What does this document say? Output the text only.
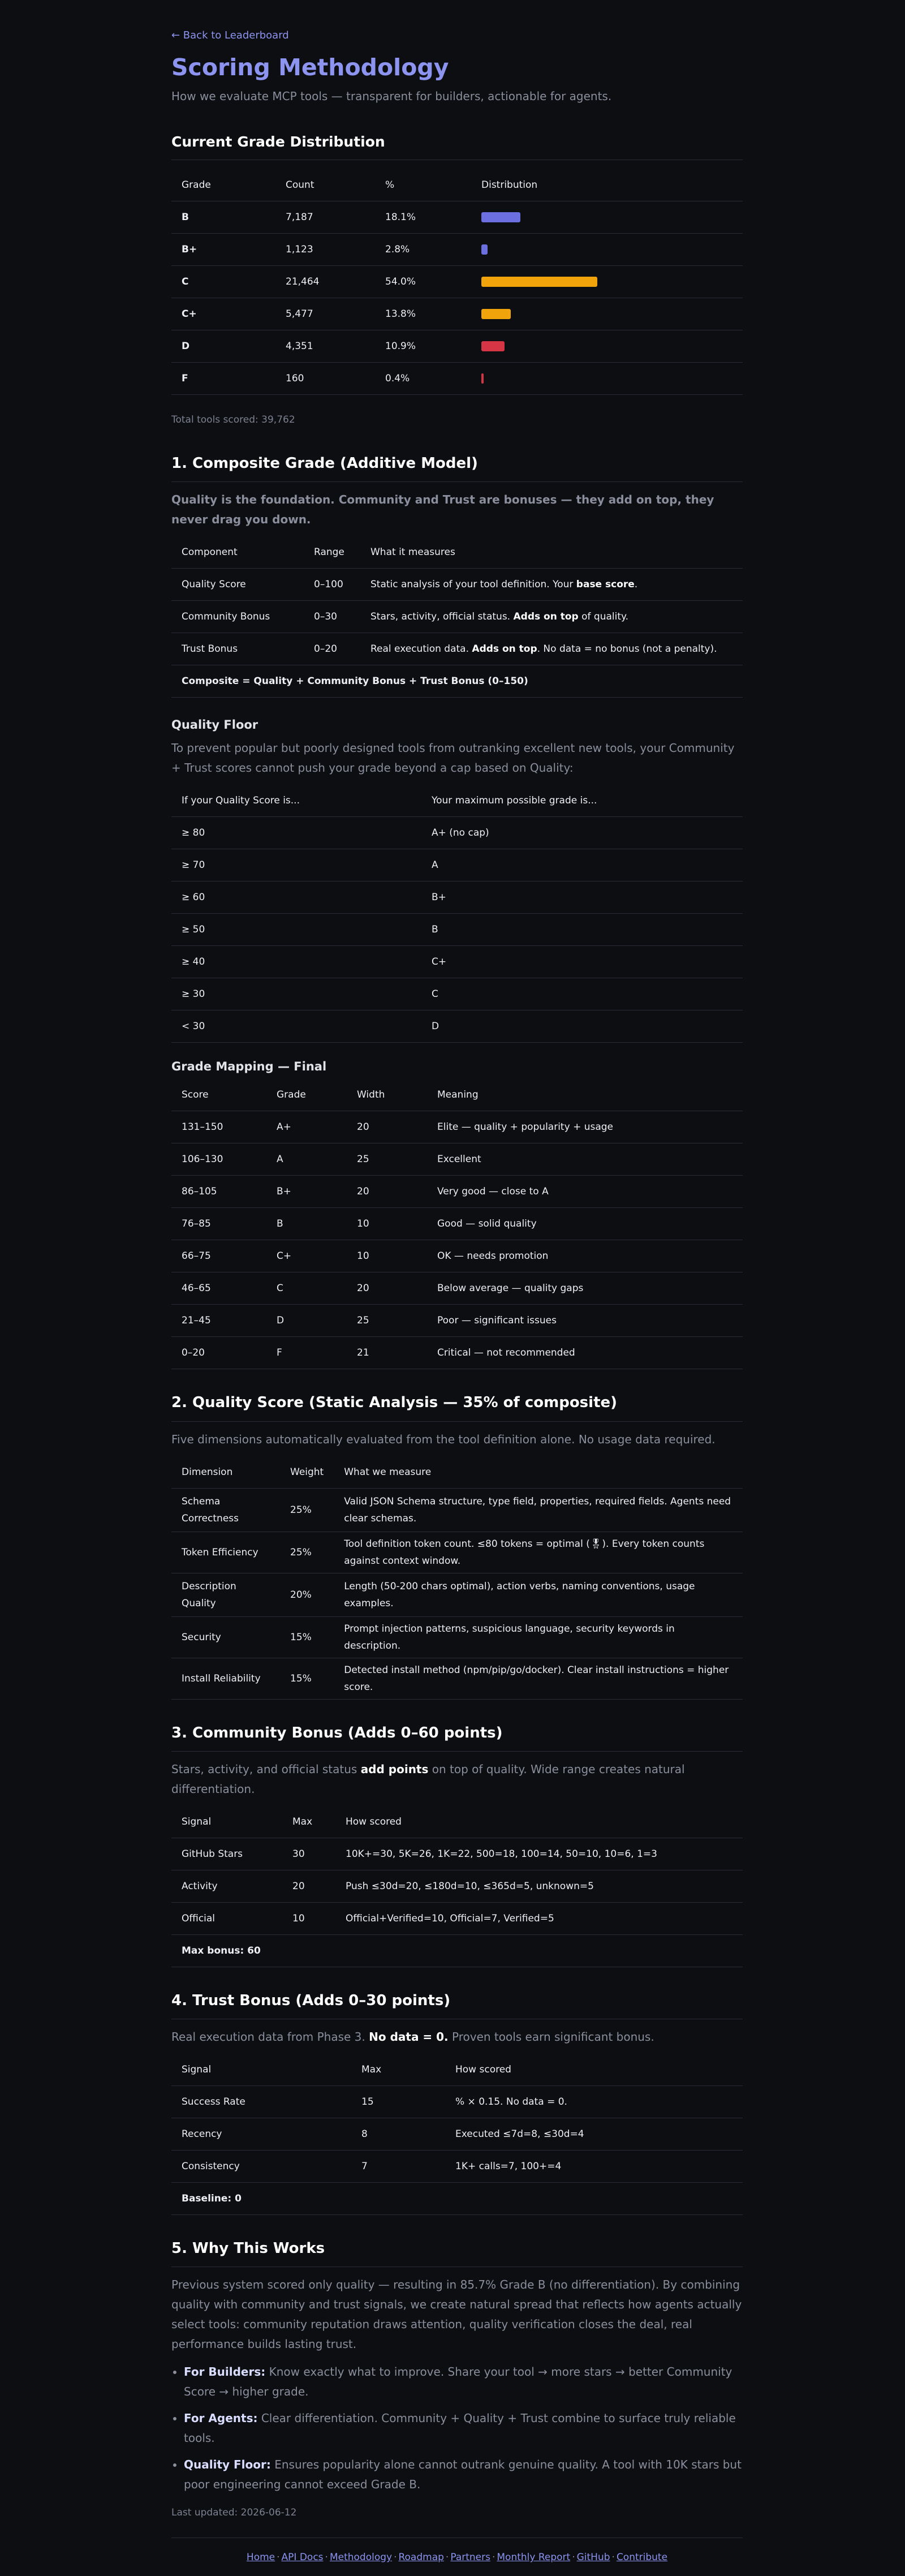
← Back to Leaderboard
Scoring Methodology
How we evaluate MCP tools — transparent for builders, actionable for agents.
Current Grade Distribution
Grade	Count	%	Distribution
B	7,187	18.1%	
B+	1,123	2.8%	
C	21,464	54.0%	
C+	5,477	13.8%	
D	4,351	10.9%	
F	160	0.4%	
Total tools scored: 39,762
1. Composite Grade (Additive Model)

Quality is the foundation. Community and Trust are bonuses — they add on top, they never drag you down.

Component	Range	What it measures
Quality Score	0–100	Static analysis of your tool definition. Your base score.
Community Bonus	0–30	Stars, activity, official status. Adds on top of quality.
Trust Bonus	0–20	Real execution data. Adds on top. No data = no bonus (not a penalty).
Composite = Quality + Community Bonus + Trust Bonus (0–150)		
Quality Floor

To prevent popular but poorly designed tools from outranking excellent new tools, your Community + Trust scores cannot push your grade beyond a cap based on Quality:

If your Quality Score is...	Your maximum possible grade is...
≥ 80	A+ (no cap)
≥ 70	A
≥ 60	B+
≥ 50	B
≥ 40	C+
≥ 30	C
< 30	D
Grade Mapping — Final
Score	Grade	Width	Meaning
131–150	A+	20	Elite — quality + popularity + usage
106–130	A	25	Excellent
86–105	B+	20	Very good — close to A
76–85	B	10	Good — solid quality
66–75	C+	10	OK — needs promotion
46–65	C	20	Below average — quality gaps
21–45	D	25	Poor — significant issues
0–20	F	21	Critical — not recommended
2. Quality Score (Static Analysis — 35% of composite)

Five dimensions automatically evaluated from the tool definition alone. No usage data required.

Dimension	Weight	What we measure
Schema Correctness	25%	Valid JSON Schema structure, type field, properties, required fields. Agents need clear schemas.
Token Efficiency	25%	Tool definition token count. ≤80 tokens = optimal (🎖). Every token counts against context window.
Description Quality	20%	Length (50-200 chars optimal), action verbs, naming conventions, usage examples.
Security	15%	Prompt injection patterns, suspicious language, security keywords in description.
Install Reliability	15%	Detected install method (npm/pip/go/docker). Clear install instructions = higher score.
3. Community Bonus (Adds 0–60 points)

Stars, activity, and official status add points on top of quality. Wide range creates natural differentiation.

Signal	Max	How scored
GitHub Stars	30	10K+=30, 5K=26, 1K=22, 500=18, 100=14, 50=10, 10=6, 1=3
Activity	20	Push ≤30d=20, ≤180d=10, ≤365d=5, unknown=5
Official	10	Official+Verified=10, Official=7, Verified=5
Max bonus: 60		
4. Trust Bonus (Adds 0–30 points)

Real execution data from Phase 3. No data = 0. Proven tools earn significant bonus.

Signal	Max	How scored
Success Rate	15	% × 0.15. No data = 0.
Recency	8	Executed ≤7d=8, ≤30d=4
Consistency	7	1K+ calls=7, 100+=4
Baseline: 0		
5. Why This Works

Previous system scored only quality — resulting in 85.7% Grade B (no differentiation). By combining quality with community and trust signals, we create natural spread that reflects how agents actually select tools: community reputation draws attention, quality verification closes the deal, real performance builds lasting trust.

• For Builders: Know exactly what to improve. Share your tool → more stars → better Community Score → higher grade.
• For Agents: Clear differentiation. Community + Quality + Trust combine to surface truly reliable tools.
• Quality Floor: Ensures popularity alone cannot outrank genuine quality. A tool with 10K stars but poor engineering cannot exceed Grade B.
Last updated: 2026-06-12
Home · API Docs · Methodology · Roadmap · Partners · Monthly Report · GitHub · Contribute
